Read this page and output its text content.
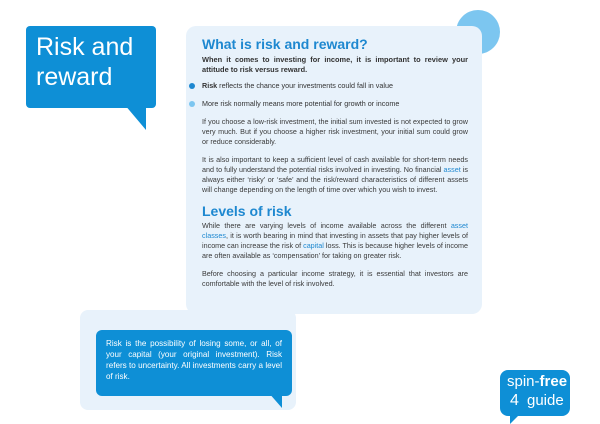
Risk and
reward
What is risk and reward?

When it comes to investing for income, it is important to review your attitude to risk versus reward.

Risk reflects the chance your investments could fall in value
More risk normally means more potential for growth or income

If you choose a low-risk investment, the initial sum invested is not expected to grow very much. But if you choose a higher risk investment, your initial sum could grow or reduce considerably.

It is also important to keep a sufficient level of cash available for short-term needs and to fully understand the potential risks involved in investing. No financial asset is always either ‘risky’ or ‘safe’ and the risk/reward characteristics of different assets will change depending on the length of time over which you wish to invest.

Levels of risk

While there are varying levels of income available across the different asset classes, it is worth bearing in mind that investing in assets that pay higher levels of income can increase the risk of capital loss. This is because higher levels of income are often available as ‘compensation’ for taking on greater risk.

Before choosing a particular income strategy, it is essential that investors are comfortable with the level of risk involved.

Risk is the possibility of losing some, or all, of your capital (your original investment). Risk refers to uncertainty. All investments carry a level of risk.	spin-free
4 guide
